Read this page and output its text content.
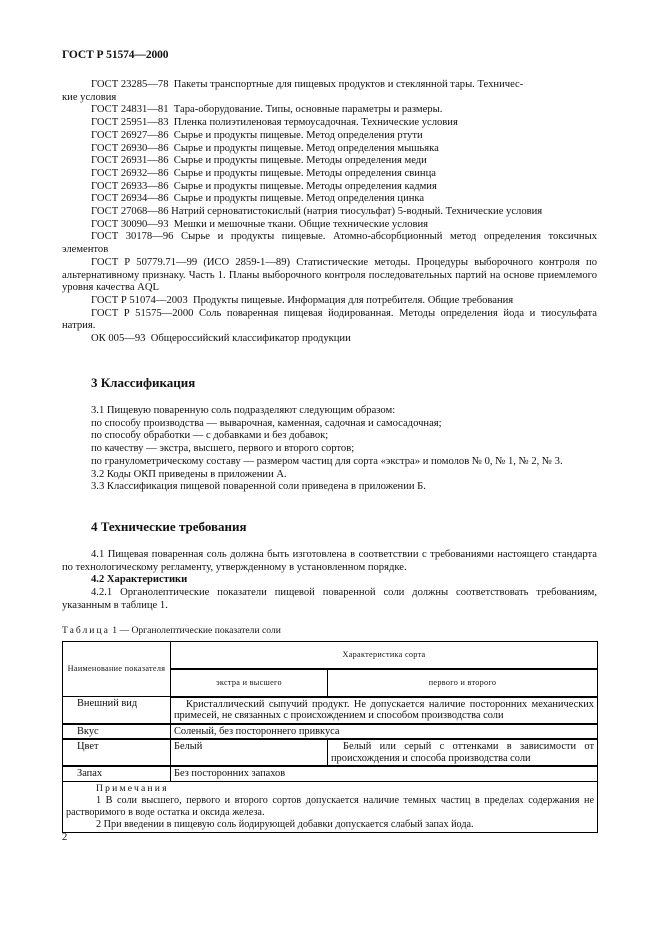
ГОСТ Р 51574—2000

ГОСТ 23285—78 Пакеты транспортные для пищевых продуктов и стеклянной тары. Техничес-

кие условия

ГОСТ 24831—81 Тара-оборудование. Типы, основные параметры и размеры.

ГОСТ 25951—83 Пленка полиэтиленовая термоусадочная. Технические условия

ГОСТ 26927—86 Сырье и продукты пищевые. Метод определения ртути

ГОСТ 26930—86 Сырье и продукты пищевые. Метод определения мышьяка

ГОСТ 26931—86 Сырье и продукты пищевые. Методы определения меди

ГОСТ 26932—86 Сырье и продукты пищевые. Методы определения свинца

ГОСТ 26933—86 Сырье и продукты пищевые. Методы определения кадмия

ГОСТ 26934—86 Сырье и продукты пищевые. Метод определения цинка

ГОСТ 27068—86 Натрий серноватистокислый (натрия тиосульфат) 5-водный. Технические условия

ГОСТ 30090—93 Мешки и мешочные ткани. Общие технические условия

ГОСТ 30178—96 Сырье и продукты пищевые. Атомно-абсорбционный метод определения токсичных элементов

ГОСТ Р 50779.71—99 (ИСО 2859-1—89) Статистические методы. Процедуры выборочного контроля по альтернативному признаку. Часть 1. Планы выборочного контроля последовательных партий на основе приемлемого уровня качества AQL

ГОСТ Р 51074—2003 Продукты пищевые. Информация для потребителя. Общие требования

ГОСТ Р 51575—2000 Соль поваренная пищевая йодированная. Методы определения йода и тиосульфата натрия.

ОК 005—93 Общероссийский классификатор продукции

3 Классификация

3.1 Пищевую поваренную соль подразделяют следующим образом:

по способу производства — выварочная, каменная, садочная и самосадочная;

по способу обработки — с добавками и без добавок;

по качеству — экстра, высшего, первого и второго сортов;

по гранулометрическому составу — размером частиц для сорта «экстра» и помолов № 0, № 1, № 2, № 3.

3.2 Коды ОКП приведены в приложении А.

3.3 Классификация пищевой поваренной соли приведена в приложении Б.

4 Технические требования

4.1 Пищевая поваренная соль должна быть изготовлена в соответствии с требованиями настоящего стандарта по технологическому регламенту, утвержденному в установленном порядке.

4.2 Характеристики

4.2.1 Органолептические показатели пищевой поваренной соли должны соответствовать требованиям, указанным в таблице 1.

Таблица 1 — Органолептические показатели соли
Наименование показателя	Характеристика сорта	
	экстра и высшего	первого и второго
Внешний вид	Кристаллический сыпучий продукт. Не допускается наличие посторонних механических примесей, не связанных с происхождением и способом производства соли	
Вкус	Соленый, без постороннего привкуса	
Цвет	Белый	Белый или серый с оттенками в зависимости от происхождения и способа производства соли
Запах	Без посторонних запахов	

Примечания

1 В соли высшего, первого и второго сортов допускается наличие темных частиц в пределах содержания не растворимого в воде остатка и оксида железа.

2 При введении в пищевую соль йодирующей добавки допускается слабый запах йода.		

2
